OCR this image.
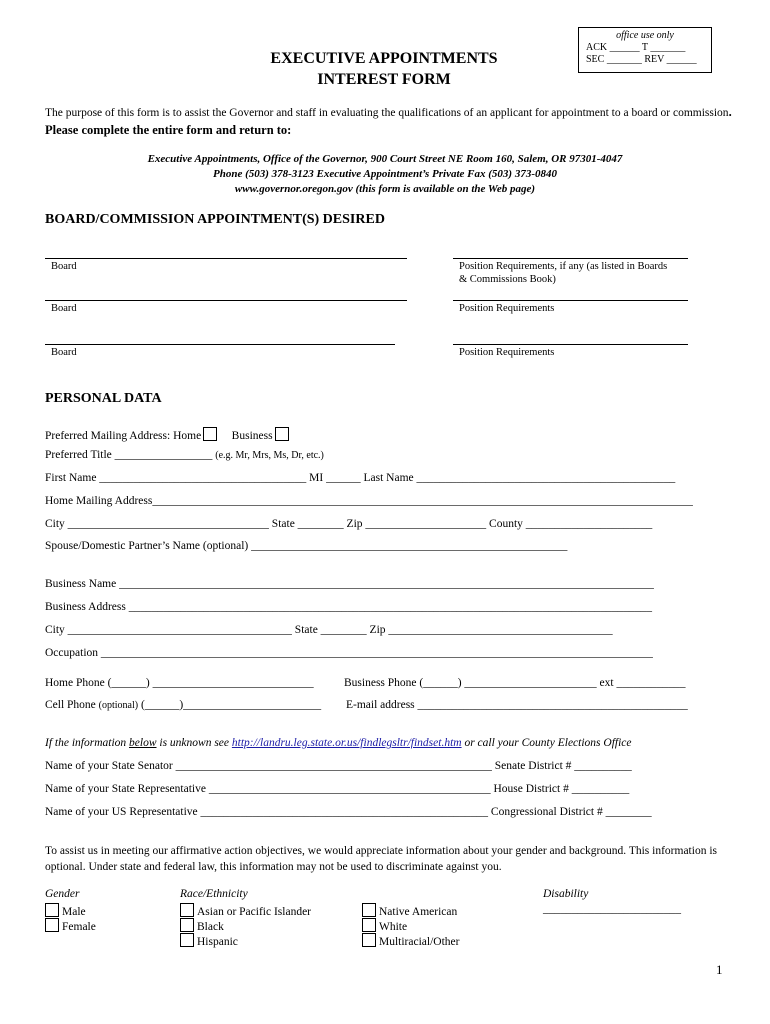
office use only
ACK ______ T _______
SEC _______ REV ______
EXECUTIVE APPOINTMENTS
INTEREST FORM
The purpose of this form is to assist the Governor and staff in evaluating the qualifications of an applicant for appointment to a board or commission. Please complete the entire form and return to:
Executive Appointments, Office of the Governor, 900 Court Street NE Room 160, Salem, OR 97301-4047
Phone (503) 378-3123 Executive Appointment’s Private Fax (503) 373-0840
www.governor.oregon.gov (this form is available on the Web page)
BOARD/COMMISSION APPOINTMENT(S) DESIRED
Board	Position Requirements, if any (as listed in Boards
& Commissions Book)
Board	Position Requirements
Board	Position Requirements
PERSONAL DATA
Preferred Mailing Address: Home	Business
Preferred Title _________________ (e.g. Mr, Mrs, Ms, Dr, etc.)
First Name ____________________________________ MI ______ Last Name _____________________________________________
Home Mailing Address______________________________________________________________________________________________
City ___________________________________ State ________ Zip _____________________ County ______________________
Spouse/Domestic Partner’s Name (optional) _______________________________________________________
Business Name _____________________________________________________________________________________________
Business Address ___________________________________________________________________________________________
City _______________________________________ State ________ Zip _______________________________________
Occupation ________________________________________________________________________________________________
Home Phone (______) ____________________________	Business Phone (______) _______________________ ext ____________
Cell Phone (optional) (______)________________________ E-mail address _______________________________________________
If the information below is unknown see http://landru.leg.state.or.us/findlegsltr/findset.htm or call your County Elections Office
Name of your State Senator _______________________________________________________ Senate District # __________
Name of your State Representative _________________________________________________ House District # __________
Name of your US Representative __________________________________________________ Congressional District # ________
To assist us in meeting our affirmative action objectives, we would appreciate information about your gender and background. This information is optional. Under state and federal law, this information may not be used to discriminate against you.
Gender
Male
Female
Race/Ethnicity
Asian or Pacific Islander
Black
Hispanic
Native American
White
Multiracial/Other
Disability
________________________
1
